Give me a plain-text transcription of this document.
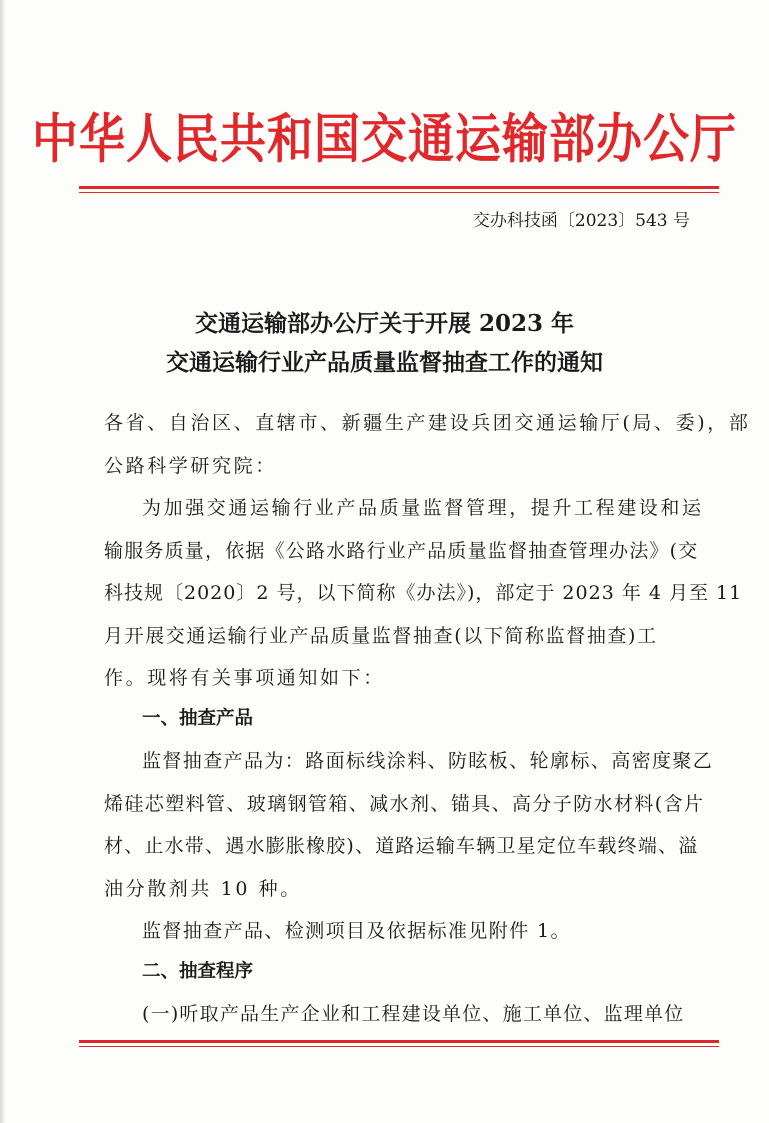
中华人民共和国交通运输部办公厅
交办科技函〔2023〕543 号
交通运输部办公厅关于开展 2023 年
交通运输行业产品质量监督抽查工作的通知
各省、自治区、直辖市、新疆生产建设兵团交通运输厅(局、委)，部
公路科学研究院：
为加强交通运输行业产品质量监督管理，提升工程建设和运
输服务质量，依据《公路水路行业产品质量监督抽查管理办法》(交
科技规〔2020〕2 号，以下简称《办法》)，部定于 2023 年 4 月至 11
月开展交通运输行业产品质量监督抽查(以下简称监督抽查)工
作。现将有关事项通知如下：
一、抽查产品
监督抽查产品为：路面标线涂料、防眩板、轮廓标、高密度聚乙
烯硅芯塑料管、玻璃钢管箱、减水剂、锚具、高分子防水材料(含片
材、止水带、遇水膨胀橡胶)、道路运输车辆卫星定位车载终端、溢
油分散剂共 10 种。
监督抽查产品、检测项目及依据标准见附件 1。
二、抽查程序
(一)听取产品生产企业和工程建设单位、施工单位、监理单位
